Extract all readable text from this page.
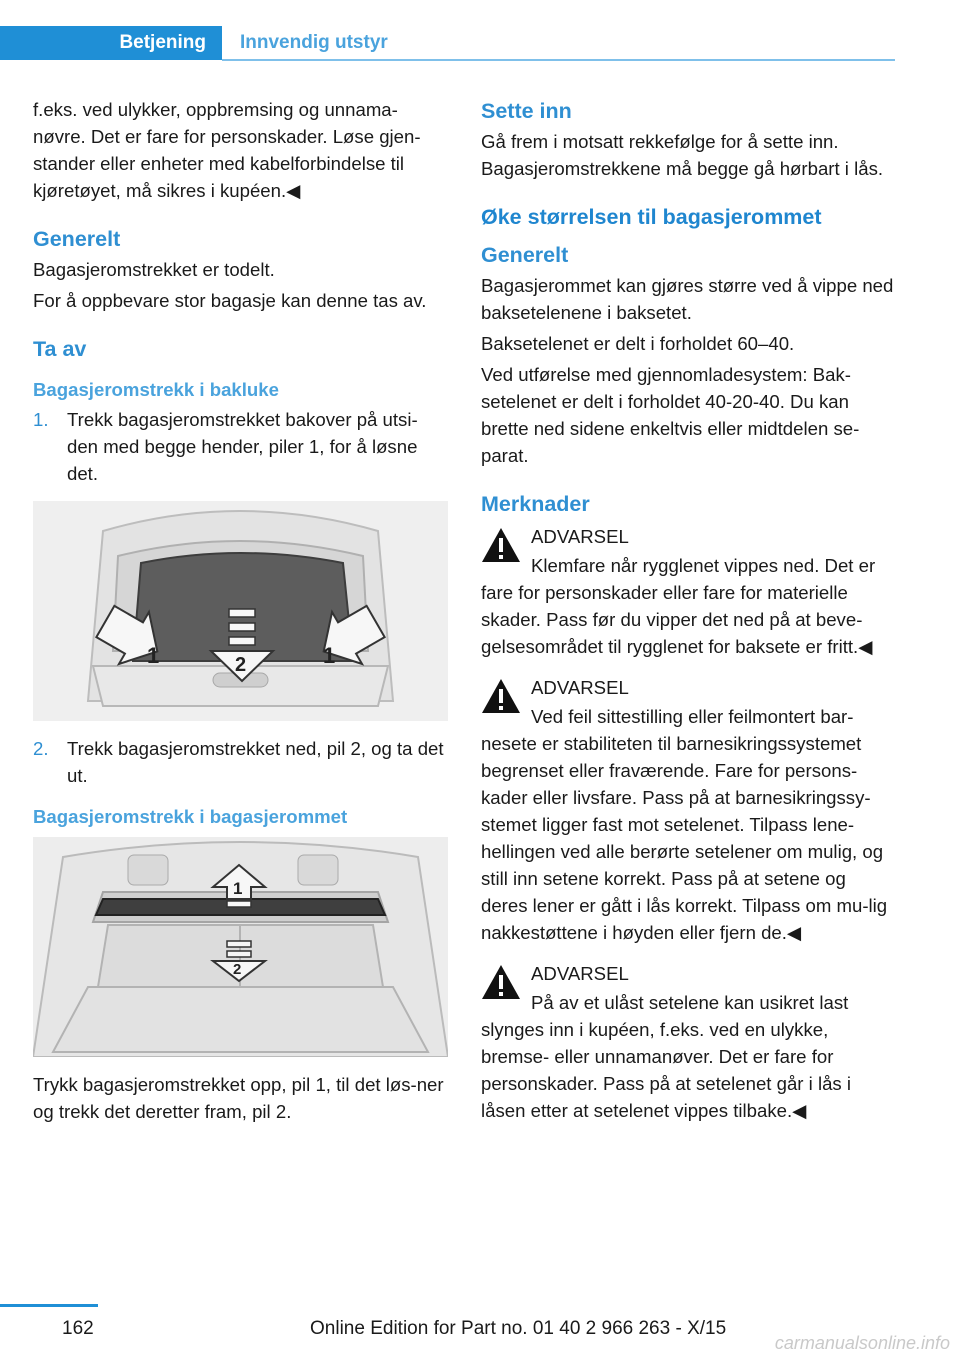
Betjening	Innvendig utstyr

f.eks. ved ulykker, oppbremsing og unnama‐nøvre. Det er fare for personskader. Løse gjen‐stander eller enheter med kabelforbindelse til kjøretøyet, må sikres i kupéen.◀

Generelt

Bagasjeromstrekket er todelt.

For å oppbevare stor bagasje kan denne tas av.

Ta av
Bagasjeromstrekk i bakluke
1. Trekk bagasjeromstrekket bakover på utsi‐den med begge hender, piler 1, for å løsne det.
1	1
2
2. Trekk bagasjeromstrekket ned, pil 2, og ta det ut.
Bagasjeromstrekk i bagasjerommet
1
2

Trykk bagasjeromstrekket opp, pil 1, til det løs‐ner og trekk det deretter fram, pil 2.

Sette inn

Gå frem i motsatt rekkefølge for å sette inn. Bagasjeromstrekkene må begge gå hørbart i lås.

Øke størrelsen til bagasjerommet
Generelt

Bagasjerommet kan gjøres større ved å vippe ned baksetelenene i baksetet.

Baksetelenet er delt i forholdet 60–40.

Ved utførelse med gjennomladesystem: Bak‐setelenet er delt i forholdet 40-20-40. Du kan brette ned sidene enkeltvis eller midtdelen se‐parat.

Merknader
ADVARSEL
Klemfare når rygglenet vippes ned. Det er fare for personskader eller fare for materielle skader. Pass før du vipper det ned på at beve‐gelsesområdet til rygglenet for baksete er fritt.◀
ADVARSEL
Ved feil sittestilling eller feilmontert bar‐nesete er stabiliteten til barnesikringssystemet begrenset eller fraværende. Fare for persons‐kader eller livsfare. Pass på at barnesikringssy‐stemet ligger fast mot setelenet. Tilpass lene‐hellingen ved alle berørte setelener om mulig, og still inn setene korrekt. Pass på at setene og deres lener er gått i lås korrekt. Tilpass om mu‐lig nakkestøttene i høyden eller fjern de.◀
ADVARSEL
På av et ulåst setelene kan usikret last slynges inn i kupéen, f.eks. ved en ulykke, bremse- eller unnamanøver. Det er fare for personskader. Pass på at setelenet går i lås i låsen etter at setelenet vippes tilbake.◀
162	Online Edition for Part no. 01 40 2 966 263 - X/15
carmanualsonline.info
